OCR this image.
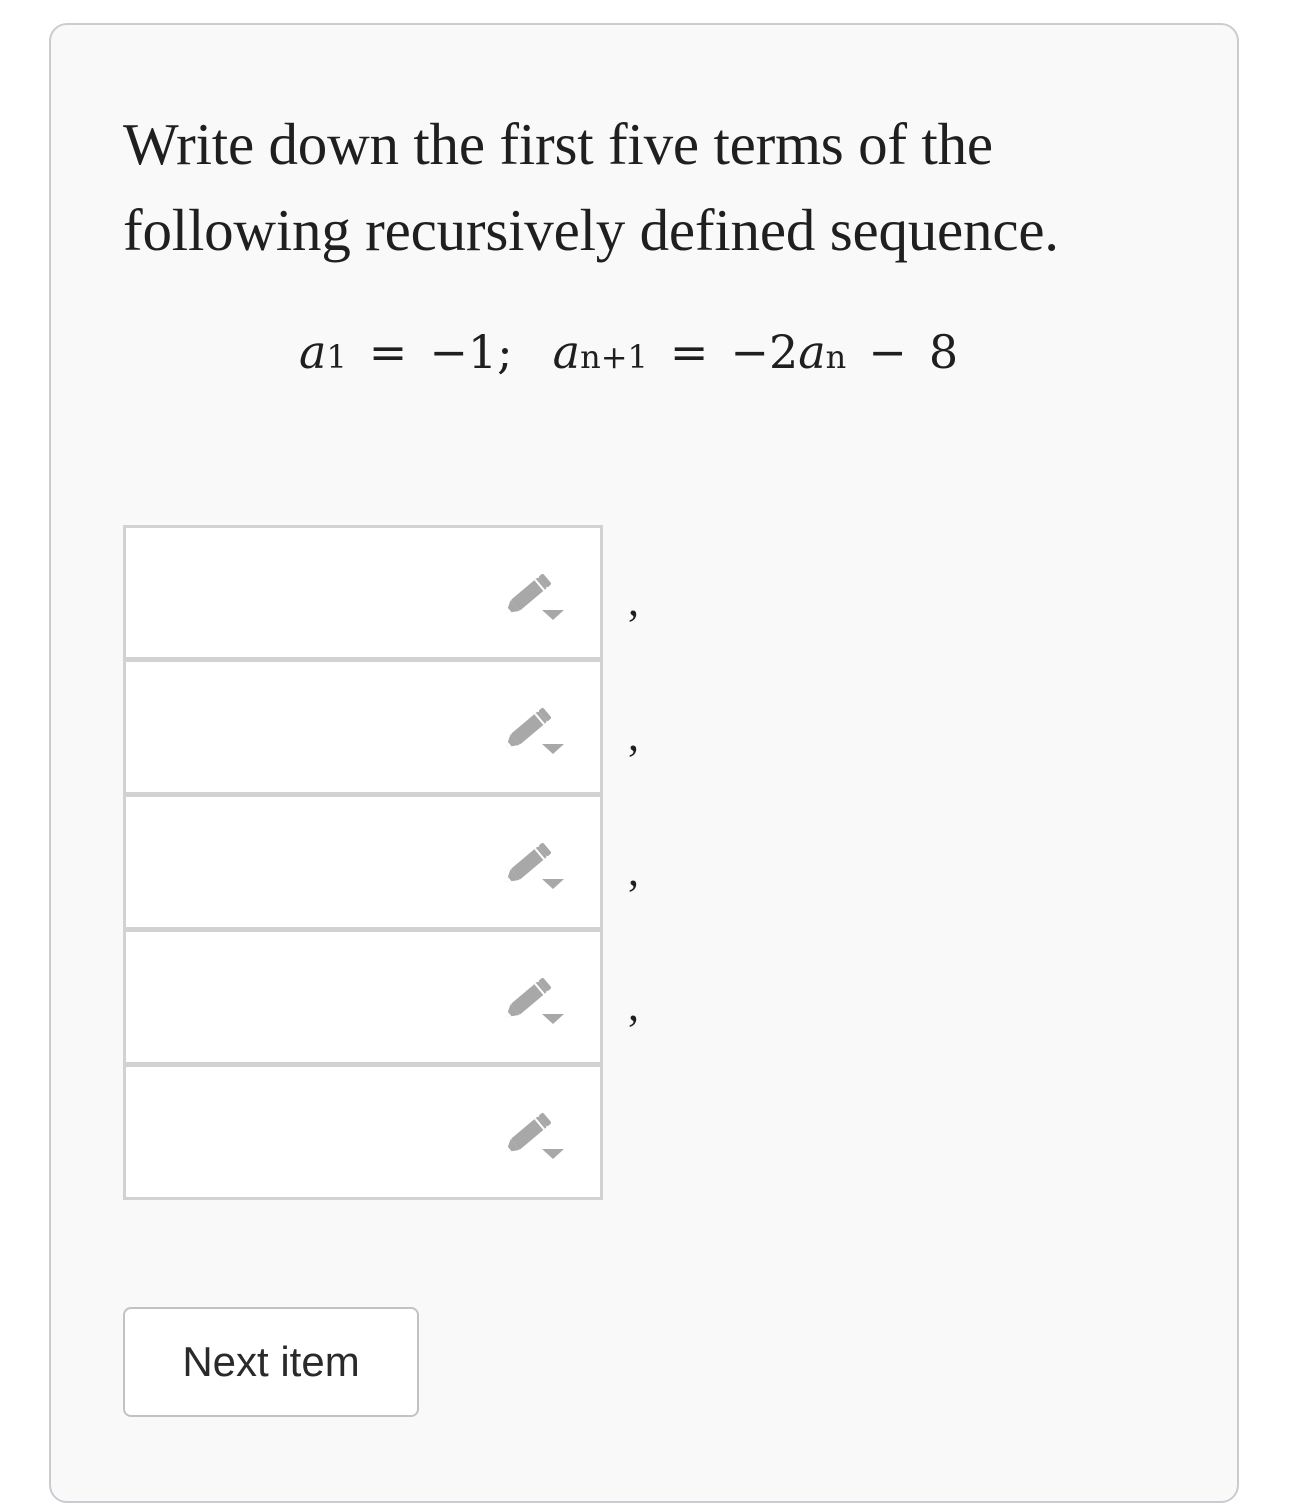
Write down the first five terms of the following recursively defined sequence.

a 1 = −1; a n+1 = −2 a n − 8
,
,
,
,
Next item
